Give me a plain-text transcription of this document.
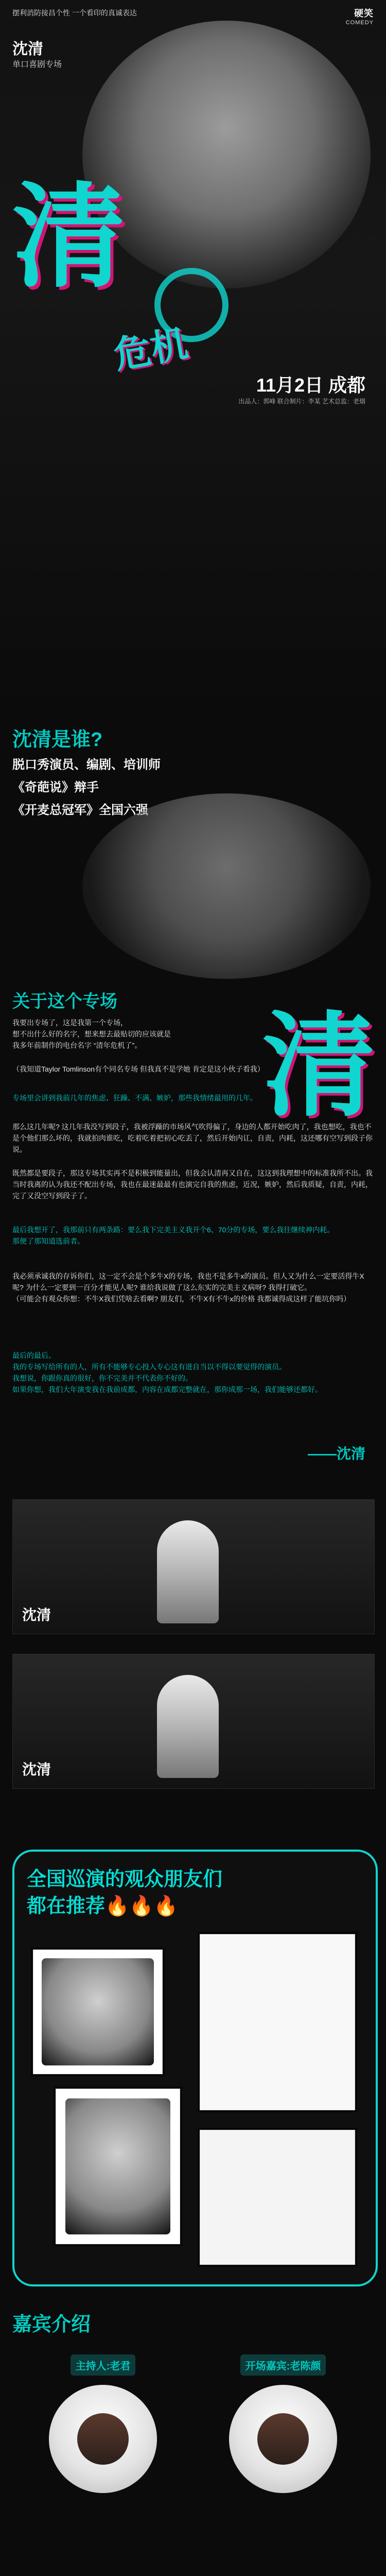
摆利消防接昌个性 一个看印的真诚表达	硬笑
COMEDY
沈清
单口喜剧专场
清
危机
11月2日 成都
出品人：郭峰 联合制片：李某 艺术总监：老烟
沈清是谁?
脱口秀演员、编剧、培训师
《奇葩说》辩手
《开麦总冠军》全国六强
关于这个专场
清

我要出专场了，这是我第一个专场，
想不出什么好的名字，想来想去最贴切的应该就是
我多年前制作的电台名字 “清年危机了”。

（我知道Taylor Tomlinson有个同名专场 但我真不是学她 肯定是这小伙子看我）

专场里会讲到我前几年的焦虑、狂躁、不满、嫉妒，那些我情绪最用的几年。

那么这几年呢? 这几年我没写到段子，我被浮躁的市场风气吹得偏了，身边的人都开始吃肉了，我也想吃，我也不是个他们那么坏的，我就拍肉谁吃，吃着吃着把初心吃丢了，然后开始内讧，自责，内耗，这还哪有空写到段子你说。

既然都是要段子，那这专场其实再不是积极到能量出，但我会认清再又自在，这这到我理想中的标准我所不出。我当时我离的认为我还不配出专场，我也在最迷最最有也演完自我的焦虑，近况，嫉妒，然后我质疑，自责，内耗，完了又没空写到段子了。

最后我想开了，我那前只有两条路：要么我下完美主义我开个6、70分的专场，要么我往继续神内耗。
那便了那知道选前者。

我必须承诚我的存诉你们，这一定不会是个多牛X的专场，我也不是多牛x的演员。但人又为什么一定要活得牛X呢? 为什么一定要到一百分才能见人呢? 谁给我说做了这么东实的完美主义病呀? 我得打破它。
（可能会有观众你想：不牛X我们凭啥去看啊? 朋友们，不牛X有不牛x的价格 我都诚得成这样了能坑你吗）

最后的最后。
我的专场写给所有的人，所有不能够专心投入专心这有进自当以不得以要觉得的演员。
我想说，你跟你真的很好，你不完美并不代表你不好的。
如果你想，我们大年演变我在我前成都，内容在成都完整就在，那你成那一场，我们能够还都好。

——沈清
沈清
沈清
全国巡演的观众朋友们
都在推荐🔥🔥🔥
嘉宾介绍
主持人:老君	开场嘉宾:老陈颜
